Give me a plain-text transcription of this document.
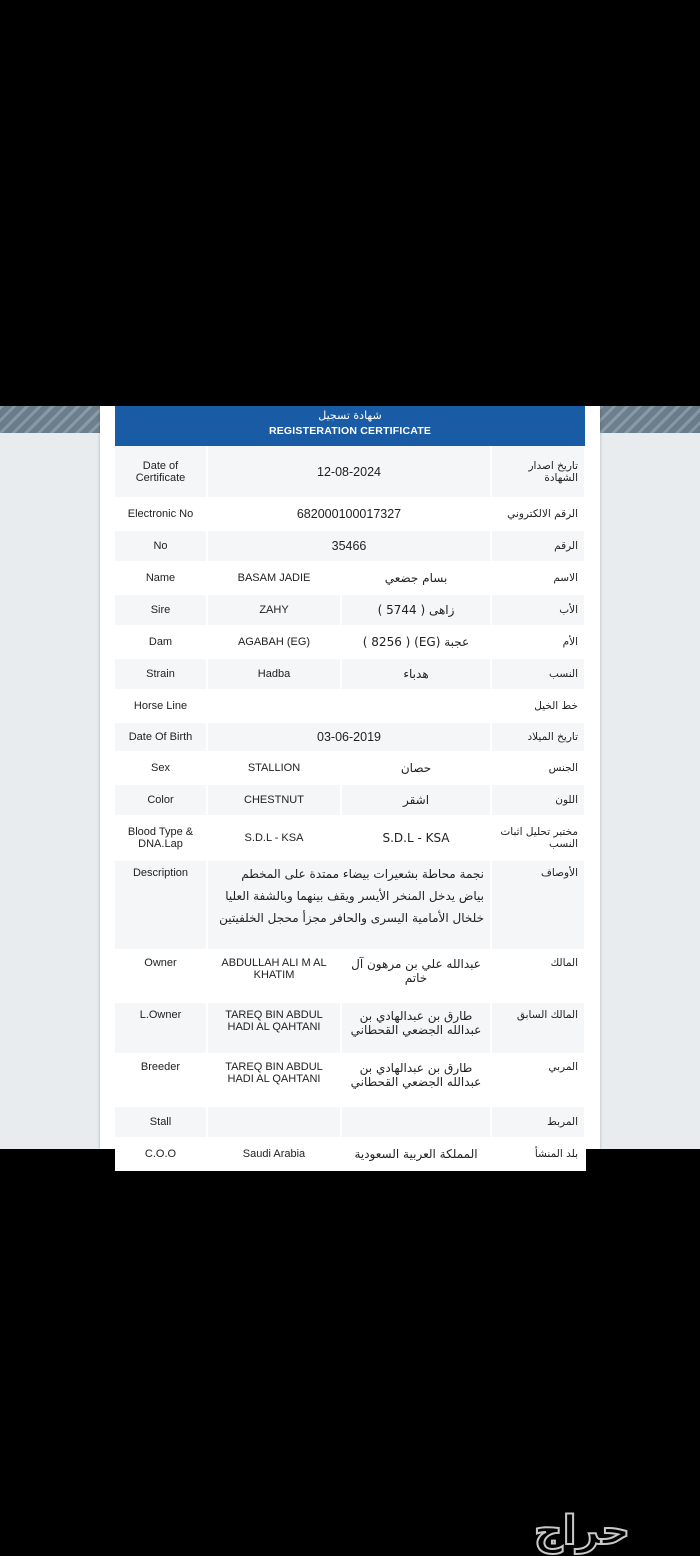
شهادة تسجيل
REGISTERATION CERTIFICATE
Date of Certificate	12-08-2024		تاريخ اصدار الشهادة
Electronic No	682000100017327		الرقم الالكتروني
No	35466		الرقم
Name	BASAM JADIE	بسام جضعي	الاسم
Sire	ZAHY	زاهى ( 5744 )	الأب
Dam	AGABAH (EG)	عجبة (EG) ( 8256 )	الأم
Strain	Hadba	هدباء	النسب
Horse Line			خط الخيل
Date Of Birth	03-06-2019		تاريخ الميلاد
Sex	STALLION	حصان	الجنس
Color	CHESTNUT	اشقر	اللون
Blood Type & DNA.Lap	S.D.L - KSA	S.D.L - KSA	مختبر تحليل اثبات النسب
Description	نجمة محاطة بشعيرات بيضاء ممتدة على المخطم بياض يدخل المنخر الأيسر ويقف بينهما وبالشفة العليا خلخال الأمامية اليسرى والحافر مجزأ محجل الخلفيتين		الأوصاف
Owner	ABDULLAH ALI M AL KHATIM	عبدالله علي بن مرهون آل خاتم	المالك
L.Owner	TAREQ BIN ABDUL HADI AL QAHTANI	طارق بن عبدالهادي بن عبدالله الجضعي القحطاني	المالك السابق
Breeder	TAREQ BIN ABDUL HADI AL QAHTANI	طارق بن عبدالهادي بن عبدالله الجضعي القحطاني	المربي
Stall			المربط
C.O.O	Saudi Arabia	المملكة العربية السعودية	بلد المنشأ
حراج
